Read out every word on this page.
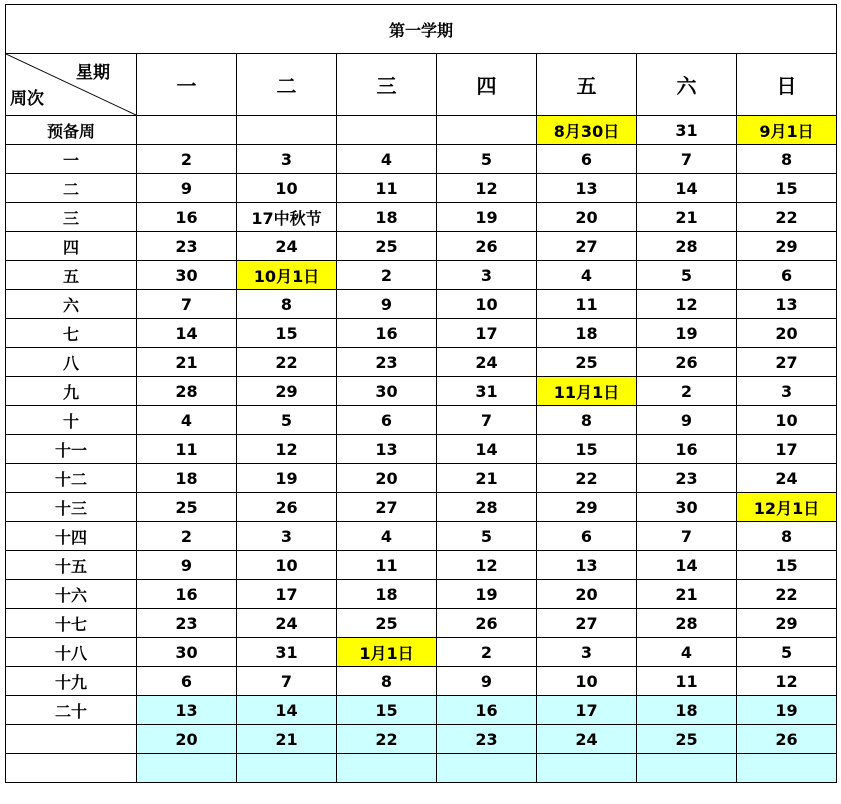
第一学期							

星期
周次	一	二	三	四	五	六	日
预备周					8月30日	31	9月1日
一	2	3	4	5	6	7	8
二	9	10	11	12	13	14	15
三	16	17中秋节	18	19	20	21	22
四	23	24	25	26	27	28	29
五	30	10月1日	2	3	4	5	6
六	7	8	9	10	11	12	13
七	14	15	16	17	18	19	20
八	21	22	23	24	25	26	27
九	28	29	30	31	11月1日	2	3
十	4	5	6	7	8	9	10
十一	11	12	13	14	15	16	17
十二	18	19	20	21	22	23	24
十三	25	26	27	28	29	30	12月1日
十四	2	3	4	5	6	7	8
十五	9	10	11	12	13	14	15
十六	16	17	18	19	20	21	22
十七	23	24	25	26	27	28	29
十八	30	31	1月1日	2	3	4	5
十九	6	7	8	9	10	11	12
二十	13	14	15	16	17	18	19
	20	21	22	23	24	25	26
